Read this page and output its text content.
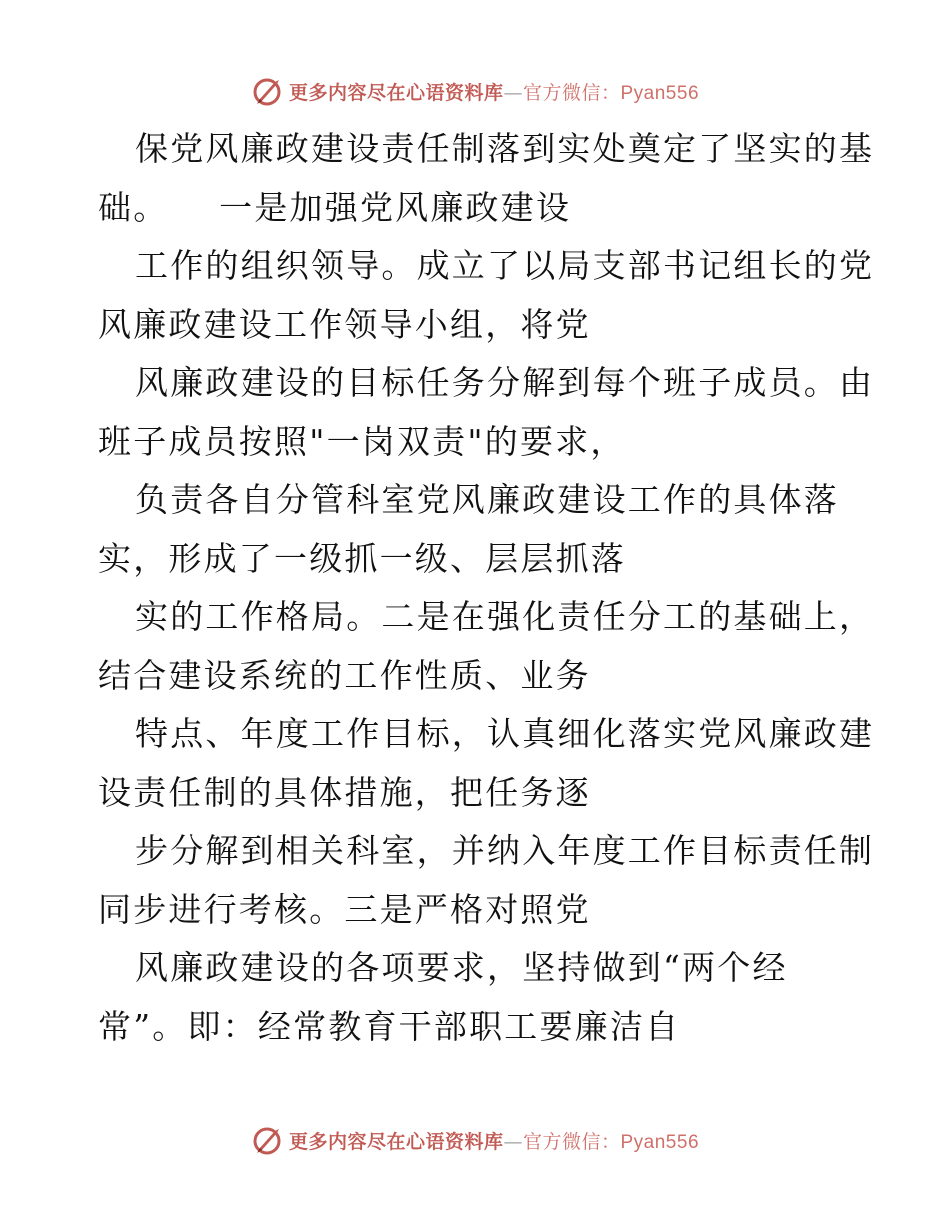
更多内容尽在心语资料库—官方微信：Pyan556
保党风廉政建设责任制落到实处奠定了坚实的基
础。    一是加强党风廉政建设
工作的组织领导。成立了以局支部书记组长的党
风廉政建设工作领导小组，将党
风廉政建设的目标任务分解到每个班子成员。由
班子成员按照"一岗双责"的要求，
负责各自分管科室党风廉政建设工作的具体落
实，形成了一级抓一级、层层抓落
实的工作格局。二是在强化责任分工的基础上，
结合建设系统的工作性质、业务
特点、年度工作目标，认真细化落实党风廉政建
设责任制的具体措施，把任务逐
步分解到相关科室，并纳入年度工作目标责任制
同步进行考核。三是严格对照党
风廉政建设的各项要求，坚持做到“两个经
常”。即：经常教育干部职工要廉洁自
更多内容尽在心语资料库—官方微信：Pyan556
